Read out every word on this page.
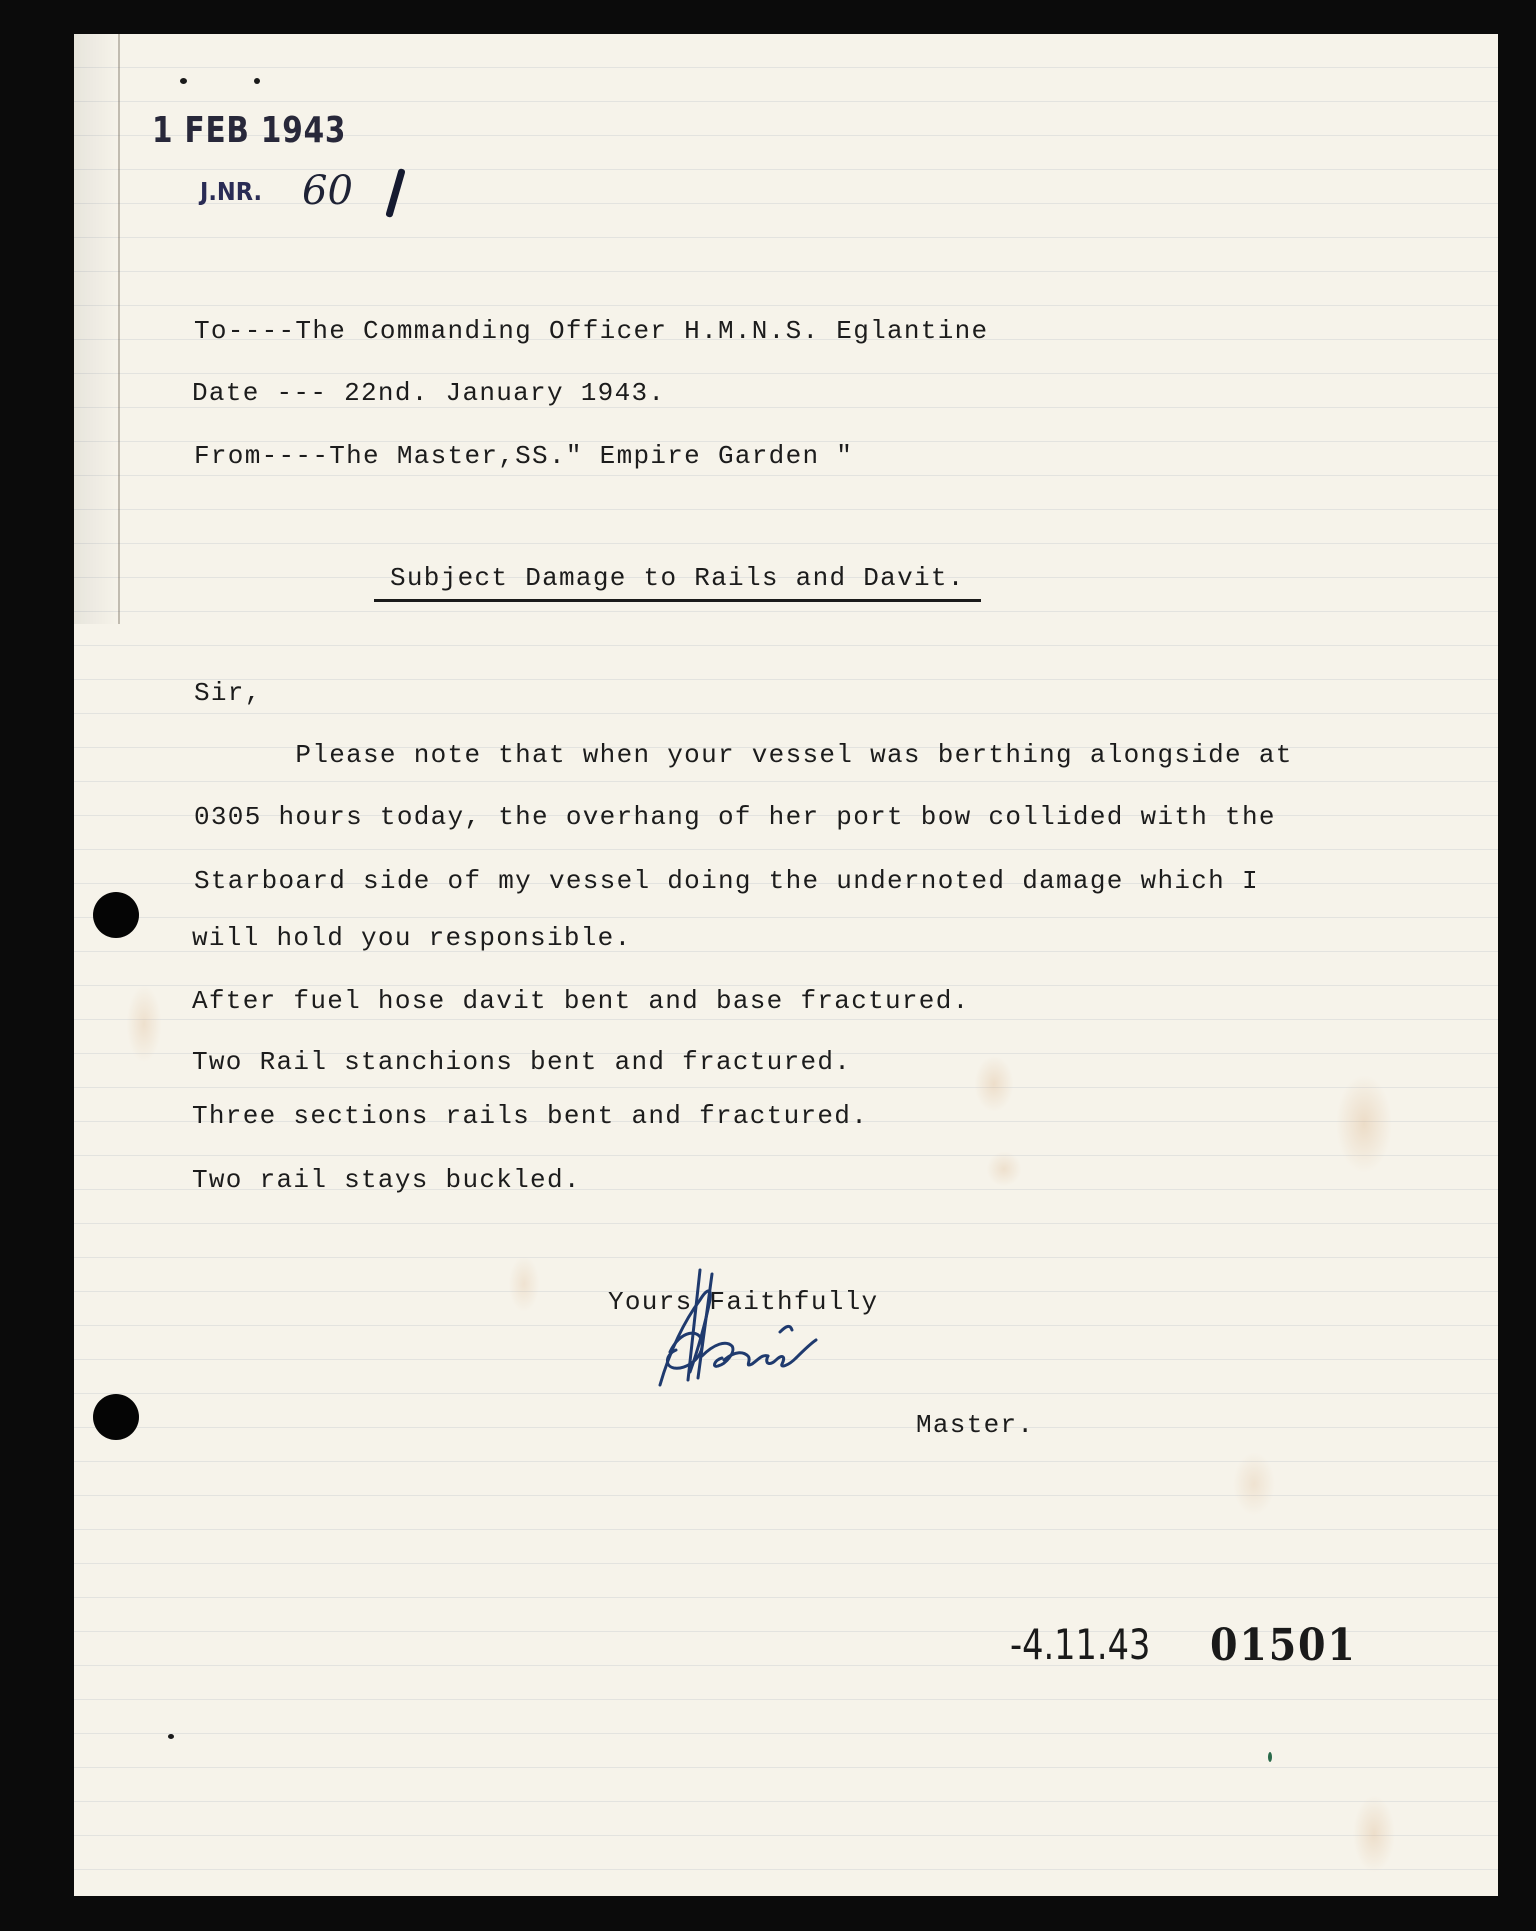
1 FEB 1943
J.NR. 60
To----The Commanding Officer H.M.N.S. Eglantine
Date --- 22nd. January 1943.
From----The Master,SS." Empire Garden "
Subject Damage to Rails and Davit.
Sir,
Please note that when your vessel was berthing alongside at
0305 hours today, the overhang of her port bow collided with the
Starboard side of my vessel doing the undernoted damage which I
will hold you responsible.
After fuel hose davit bent and base fractured.
Two Rail stanchions bent and fractured.
Three sections rails bent and fractured.
Two rail stays buckled.
Yours Faithfully
Master.
-4.11.43 01501
